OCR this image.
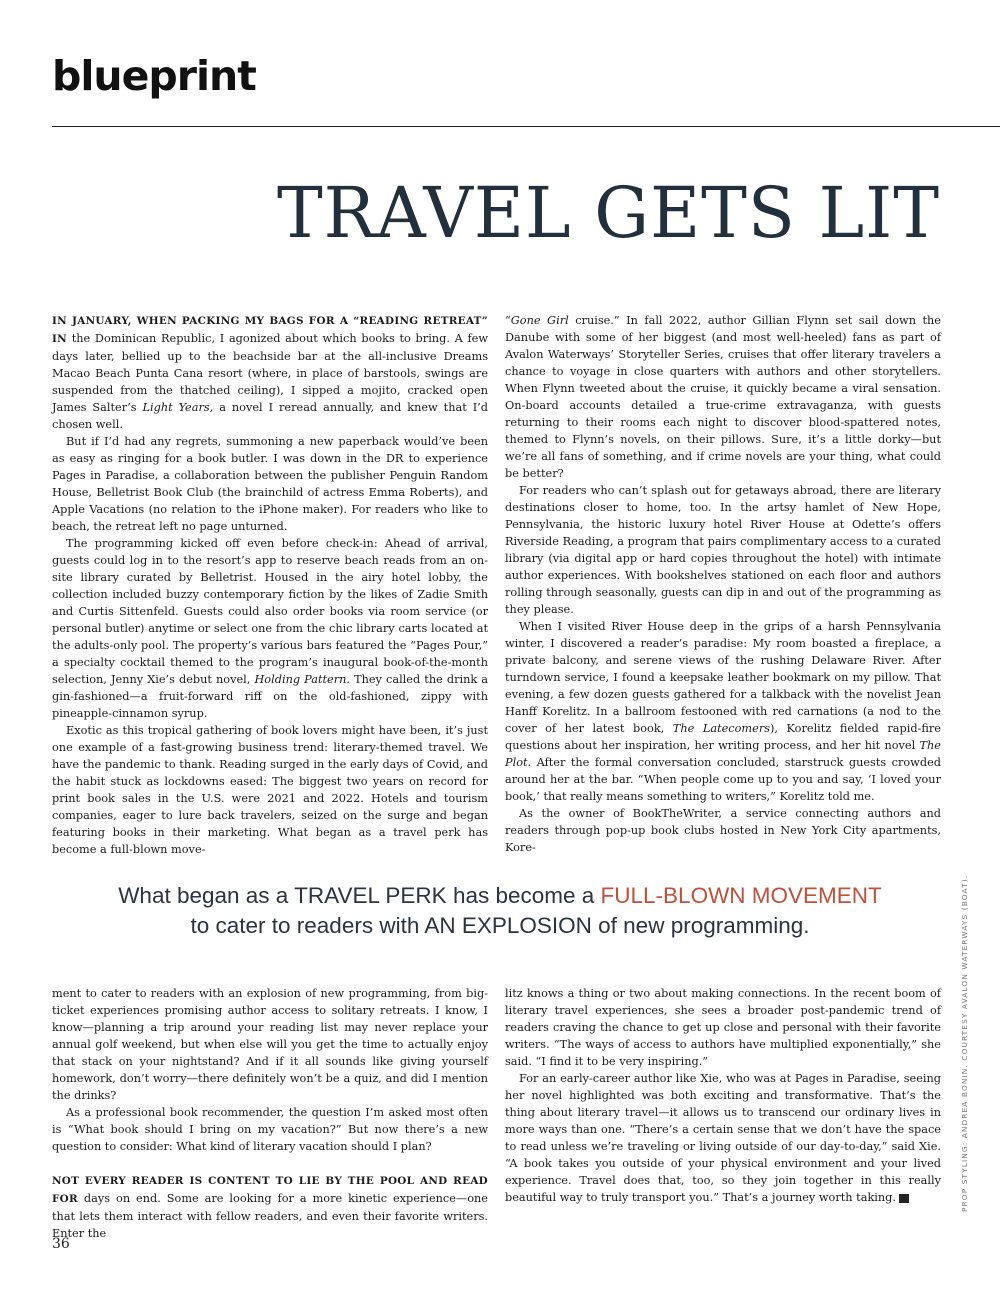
blueprint
TRAVEL GETS LIT

IN JANUARY, WHEN PACKING MY BAGS FOR A “READING RETREAT” IN the Dominican Republic, I agonized about which books to bring. A few days later, bellied up to the beachside bar at the all-inclusive Dreams Macao Beach Punta Cana resort (where, in place of barstools, swings are suspended from the thatched ceiling), I sipped a mojito, cracked open James Salter’s Light Years, a novel I reread annually, and knew that I’d chosen well.

But if I’d had any regrets, summoning a new paperback would’ve been as easy as ringing for a book butler. I was down in the DR to experience Pages in Paradise, a collaboration between the publisher Penguin Random House, Belletrist Book Club (the brainchild of actress Emma Roberts), and Apple Vacations (no relation to the iPhone maker). For readers who like to beach, the retreat left no page unturned.

The programming kicked off even before check-in: Ahead of arrival, guests could log in to the resort’s app to reserve beach reads from an on-site library curated by Belletrist. Housed in the airy hotel lobby, the collection included buzzy contemporary fiction by the likes of Zadie Smith and Curtis Sittenfeld. Guests could also order books via room service (or personal butler) anytime or select one from the chic library carts located at the adults-only pool. The property’s various bars featured the “Pages Pour,” a specialty cocktail themed to the program’s inaugural book-of-the-month selection, Jenny Xie’s debut novel, Holding Pattern. They called the drink a gin-fashioned—a fruit-forward riff on the old-fashioned, zippy with pineapple-cinnamon syrup.

Exotic as this tropical gathering of book lovers might have been, it’s just one example of a fast-growing business trend: literary-themed travel. We have the pandemic to thank. Reading surged in the early days of Covid, and the habit stuck as lockdowns eased: The biggest two years on record for print book sales in the U.S. were 2021 and 2022. Hotels and tourism companies, eager to lure back travelers, seized on the surge and began featuring books in their marketing. What began as a travel perk has become a full-blown move-

“Gone Girl cruise.” In fall 2022, author Gillian Flynn set sail down the Danube with some of her biggest (and most well-heeled) fans as part of Avalon Waterways’ Storyteller Series, cruises that offer literary travelers a chance to voyage in close quarters with authors and other storytellers. When Flynn tweeted about the cruise, it quickly became a viral sensation. On-board accounts detailed a true-crime extravaganza, with guests returning to their rooms each night to discover blood-spattered notes, themed to Flynn’s novels, on their pillows. Sure, it’s a little dorky—but we’re all fans of something, and if crime novels are your thing, what could be better?

For readers who can’t splash out for getaways abroad, there are literary destinations closer to home, too. In the artsy hamlet of New Hope, Pennsylvania, the historic luxury hotel River House at Odette’s offers Riverside Reading, a program that pairs complimentary access to a curated library (via digital app or hard copies throughout the hotel) with intimate author experiences. With bookshelves stationed on each floor and authors rolling through seasonally, guests can dip in and out of the programming as they please.

When I visited River House deep in the grips of a harsh Pennsylvania winter, I discovered a reader’s paradise: My room boasted a fireplace, a private balcony, and serene views of the rushing Delaware River. After turndown service, I found a keepsake leather bookmark on my pillow. That evening, a few dozen guests gathered for a talkback with the novelist Jean Hanff Korelitz. In a ballroom festooned with red carnations (a nod to the cover of her latest book, The Latecomers), Korelitz fielded rapid-fire questions about her inspiration, her writing process, and her hit novel The Plot. After the formal conversation concluded, starstruck guests crowded around her at the bar. “When people come up to you and say, ‘I loved your book,’ that really means something to writers,” Korelitz told me.

As the owner of BookTheWriter, a service connecting authors and readers through pop-up book clubs hosted in New York City apartments, Kore-

What began as a TRAVEL PERK has become a FULL-BLOWN MOVEMENT
to cater to readers with AN EXPLOSION of new programming.

ment to cater to readers with an explosion of new programming, from big-ticket experiences promising author access to solitary retreats. I know, I know—planning a trip around your reading list may never replace your annual golf weekend, but when else will you get the time to actually enjoy that stack on your nightstand? And if it all sounds like giving yourself homework, don’t worry—there definitely won’t be a quiz, and did I mention the drinks?

As a professional book recommender, the question I’m asked most often is “What book should I bring on my vacation?” But now there’s a new question to consider: What kind of literary vacation should I plan?

NOT EVERY READER IS CONTENT TO LIE BY THE POOL AND READ FOR days on end. Some are looking for a more kinetic experience—one that lets them interact with fellow readers, and even their favorite writers. Enter the

litz knows a thing or two about making connections. In the recent boom of literary travel experiences, she sees a broader post-pandemic trend of readers craving the chance to get up close and personal with their favorite writers. “The ways of access to authors have multiplied exponentially,” she said. “I find it to be very inspiring.”

For an early-career author like Xie, who was at Pages in Paradise, seeing her novel highlighted was both exciting and transformative. That’s the thing about literary travel—it allows us to transcend our ordinary lives in more ways than one. “There’s a certain sense that we don’t have the space to read unless we’re traveling or living outside of our day-to-day,” said Xie. “A book takes you outside of your physical environment and your lived experience. Travel does that, too, so they join together in this really beautiful way to truly transport you.” That’s a journey worth taking. C

36
PROP STYLING: ANDREA BONIN. COURTESY AVALON WATERWAYS (BOAT).
